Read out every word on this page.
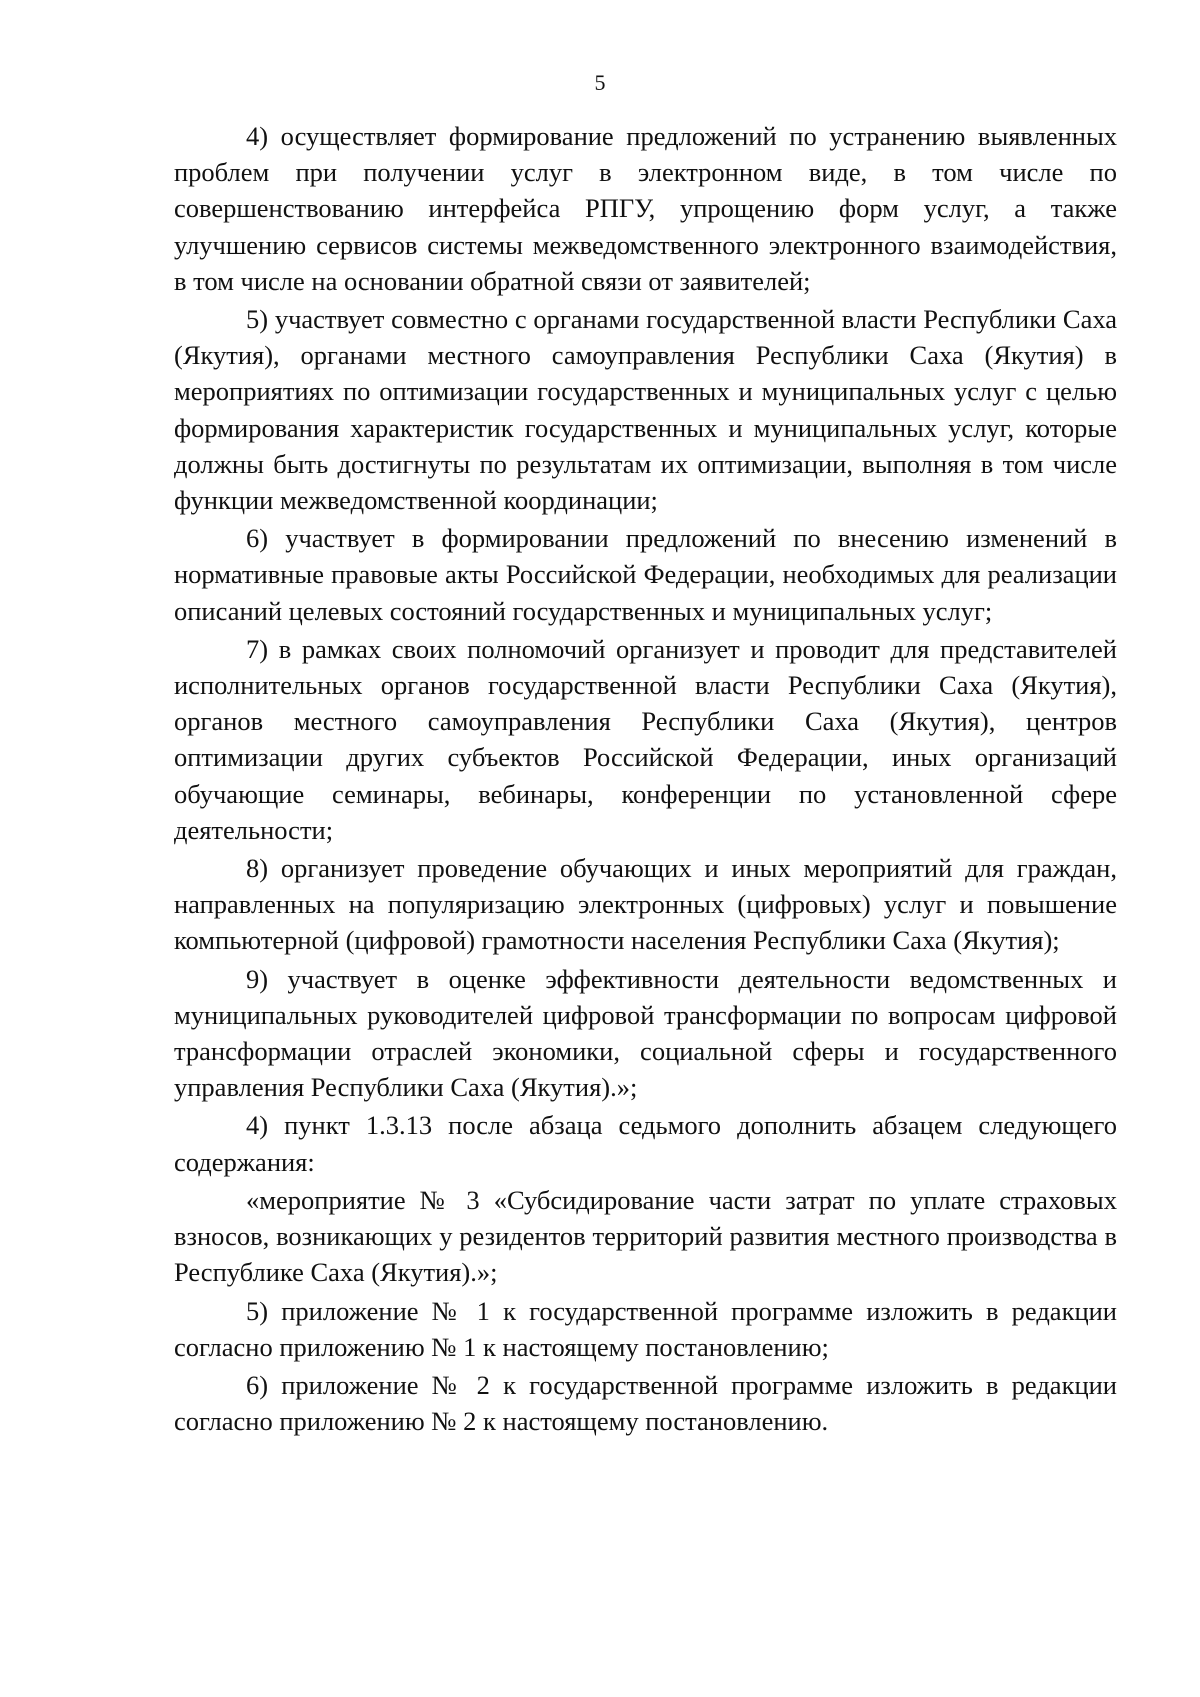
5

4) осуществляет формирование предложений по устранению выявленных проблем при получении услуг в электронном виде, в том числе по совершенствованию интерфейса РПГУ, упрощению форм услуг, а также улучшению сервисов системы межведомственного электронного взаимодействия, в том числе на основании обратной связи от заявителей;

5) участвует совместно с органами государственной власти Республики Саха (Якутия), органами местного самоуправления Республики Саха (Якутия) в мероприятиях по оптимизации государственных и муниципальных услуг с целью формирования характеристик государственных и муниципальных услуг, которые должны быть достигнуты по результатам их оптимизации, выполняя в том числе функции межведомственной координации;

6) участвует в формировании предложений по внесению изменений в нормативные правовые акты Российской Федерации, необходимых для реализации описаний целевых состояний государственных и муниципальных услуг;

7) в рамках своих полномочий организует и проводит для представителей исполнительных органов государственной власти Республики Саха (Якутия), органов местного самоуправления Республики Саха (Якутия), центров оптимизации других субъектов Российской Федерации, иных организаций обучающие семинары, вебинары, конференции по установленной сфере деятельности;

8) организует проведение обучающих и иных мероприятий для граждан, направленных на популяризацию электронных (цифровых) услуг и повышение компьютерной (цифровой) грамотности населения Республики Саха (Якутия);

9) участвует в оценке эффективности деятельности ведомственных и муниципальных руководителей цифровой трансформации по вопросам цифровой трансформации отраслей экономики, социальной сферы и государственного управления Республики Саха (Якутия).»;

4) пункт 1.3.13 после абзаца седьмого дополнить абзацем следующего содержания:

«мероприятие № 3 «Субсидирование части затрат по уплате страховых взносов, возникающих у резидентов территорий развития местного производства в Республике Саха (Якутия).»;

5) приложение № 1 к государственной программе изложить в редакции согласно приложению № 1 к настоящему постановлению;

6) приложение № 2 к государственной программе изложить в редакции согласно приложению № 2 к настоящему постановлению.
